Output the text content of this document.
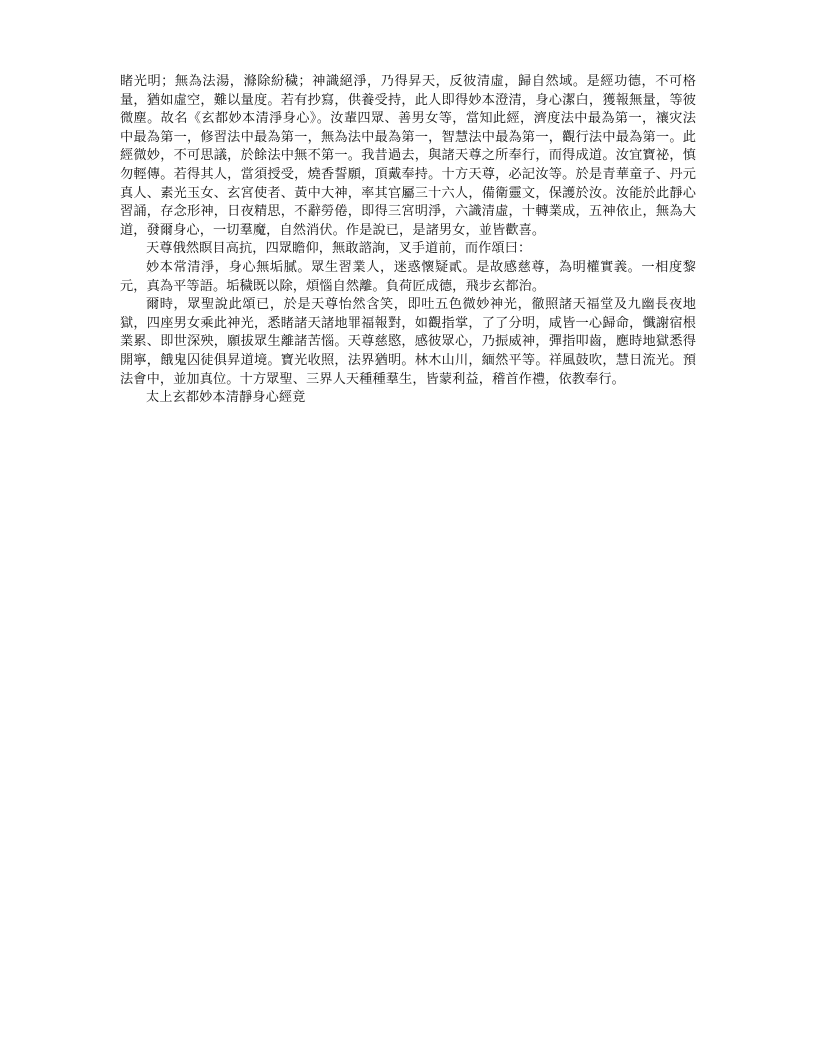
睹光明；無為法湯，滌除紛穢；神識絕淨，乃得昇天，反彼清虛，歸自然域。是經功德，不可格量，猶如虛空，難以量度。若有抄寫，供養受持，此人即得妙本澄清，身心潔白，獲報無量，等彼微塵。故名《玄都妙本清淨身心》。汝輩四眾、善男女等，當知此經，濟度法中最為第一，禳灾法中最為第一，修習法中最為第一，無為法中最為第一，智慧法中最為第一，觀行法中最為第一。此經微妙，不可思議，於餘法中無不第一。我昔過去，與諸天尊之所奉行，而得成道。汝宜寶祕，慎勿輕傳。若得其人，當須授受，燒香誓願，頂戴奉持。十方天尊，必記汝等。於是青華童子、丹元真人、素光玉女、玄宮使者、黃中大神，率其官屬三十六人，備衛靈文，保護於汝。汝能於此靜心習誦，存念形神，日夜精思，不辭勞倦，即得三宮明淨，六識清虛，十轉業成，五神依止，無為大道，發爾身心，一切羣魔，自然消伏。作是說已，是諸男女，並皆歡喜。

天尊俄然瞑目高抗，四眾瞻仰，無敢諮詢，叉手道前，而作頌曰：

妙本常清淨，身心無垢膩。眾生習業人，迷惑懷疑貳。是故感慈尊，為明權實義。一相度黎元，真為平等語。垢穢既以除，煩惱自然離。負荷匠成德，飛步玄都治。

爾時，眾聖說此頌已，於是天尊怡然含笑，即吐五色微妙神光，徹照諸天福堂及九幽長夜地獄，四座男女乘此神光，悉睹諸天諸地罪福報對，如觀指掌，了了分明，咸皆一心歸命，懺謝宿根業累、即世深殃，願拔眾生離諸苦惱。天尊慈愍，感彼眾心，乃振威神，彈指叩齒，應時地獄悉得開寧，餓鬼囚徒俱昇道境。寶光收照，法界猶明。林木山川，緬然平等。祥風鼓吹，慧日流光。預法會中，並加真位。十方眾聖、三界人天種種羣生，皆蒙利益，稽首作禮，依教奉行。

太上玄都妙本清靜身心經竟
